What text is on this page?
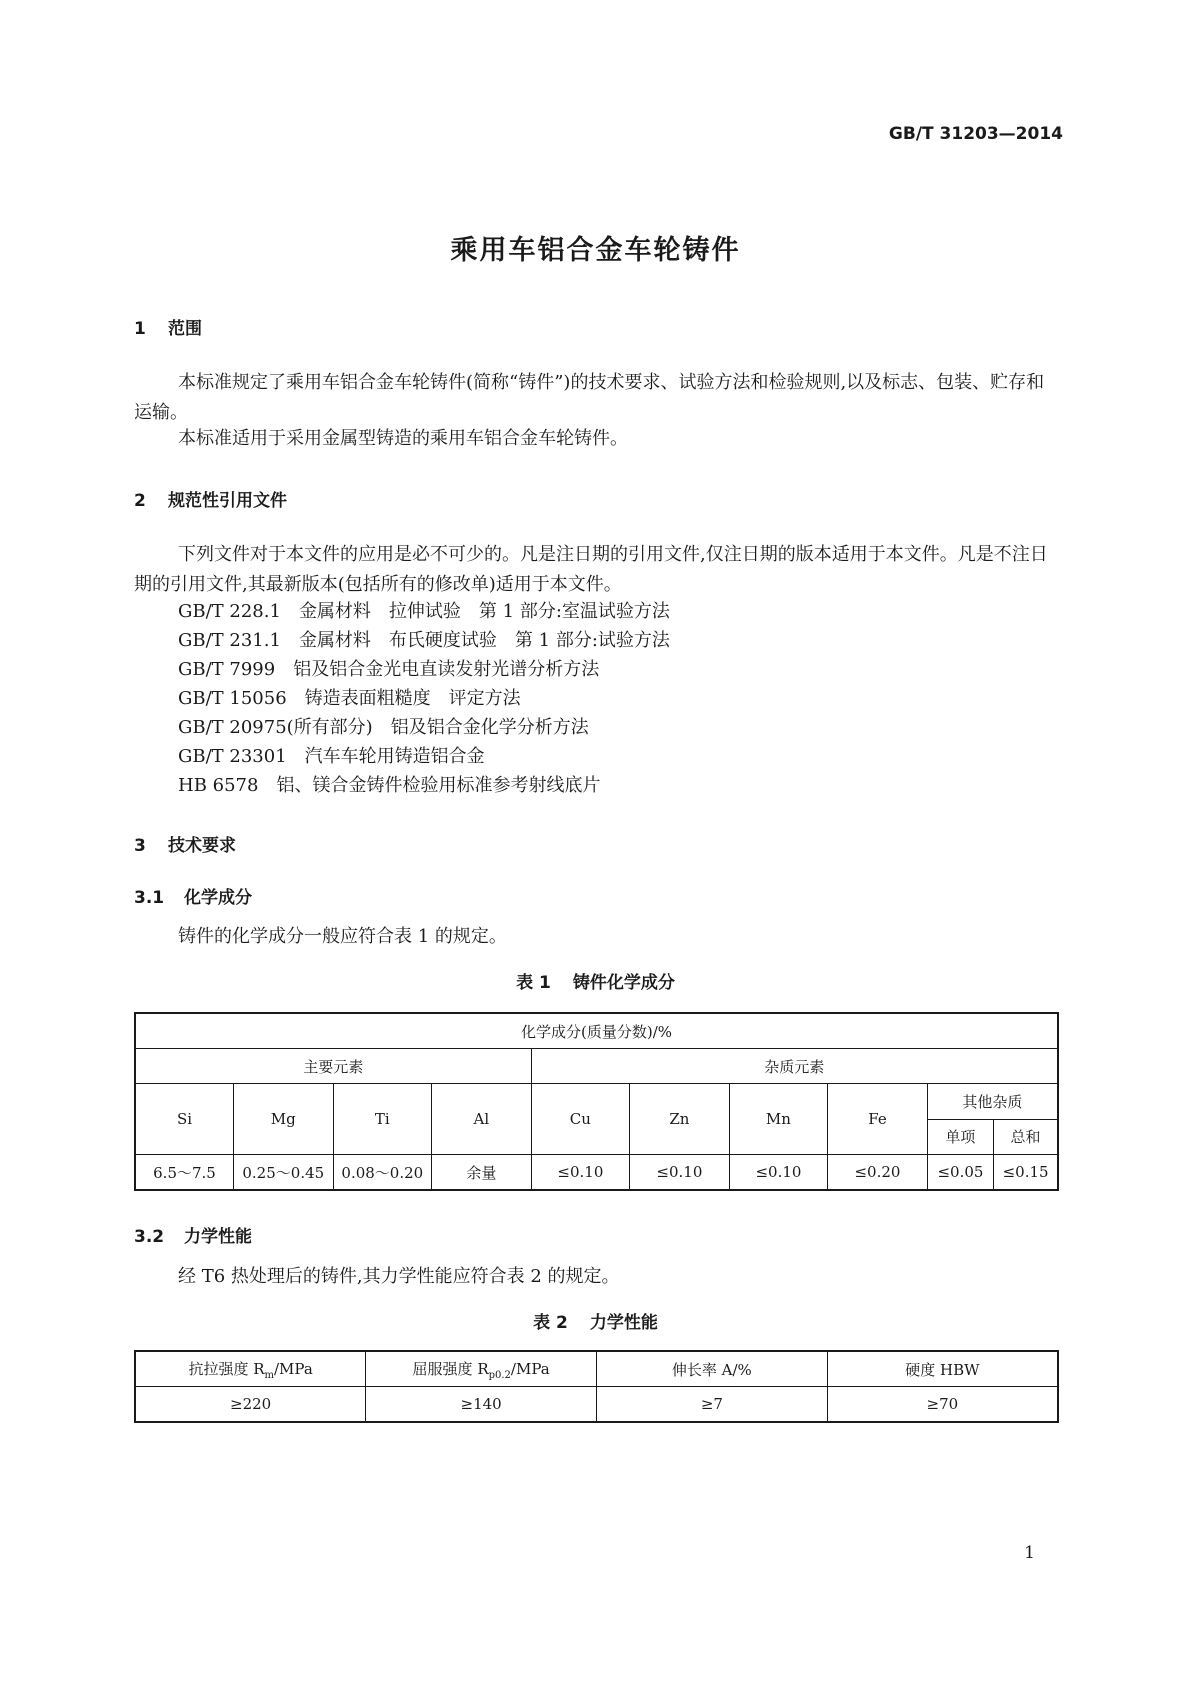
GB/T 31203—2014
乘用车铝合金车轮铸件
1 范围
本标准规定了乘用车铝合金车轮铸件(简称“铸件”)的技术要求、试验方法和检验规则,以及标志、包装、贮存和运输。
本标准适用于采用金属型铸造的乘用车铝合金车轮铸件。
2 规范性引用文件
下列文件对于本文件的应用是必不可少的。凡是注日期的引用文件,仅注日期的版本适用于本文件。凡是不注日期的引用文件,其最新版本(包括所有的修改单)适用于本文件。
GB/T 228.1 金属材料　拉伸试验　第 1 部分:室温试验方法
GB/T 231.1 金属材料　布氏硬度试验　第 1 部分:试验方法
GB/T 7999 铝及铝合金光电直读发射光谱分析方法
GB/T 15056 铸造表面粗糙度　评定方法
GB/T 20975(所有部分) 铝及铝合金化学分析方法
GB/T 23301 汽车车轮用铸造铝合金
HB 6578 铝、镁合金铸件检验用标准参考射线底片
3 技术要求
3.1 化学成分
铸件的化学成分一般应符合表 1 的规定。
表 1 铸件化学成分
化学成分(质量分数)/%									
主要元素				杂质元素					
Si	Mg	Ti	Al	Cu	Zn	Mn	Fe	其他杂质	
								单项	总和
6.5～7.5	0.25～0.45	0.08～0.20	余量	≤0.10	≤0.10	≤0.10	≤0.20	≤0.05	≤0.15
3.2 力学性能
经 T6 热处理后的铸件,其力学性能应符合表 2 的规定。
表 2 力学性能
抗拉强度 $R_m$/MPa	屈服强度 $R_{p0.2}$/MPa	伸长率 A/%	硬度 HBW
≥220	≥140	≥7	≥70
1
